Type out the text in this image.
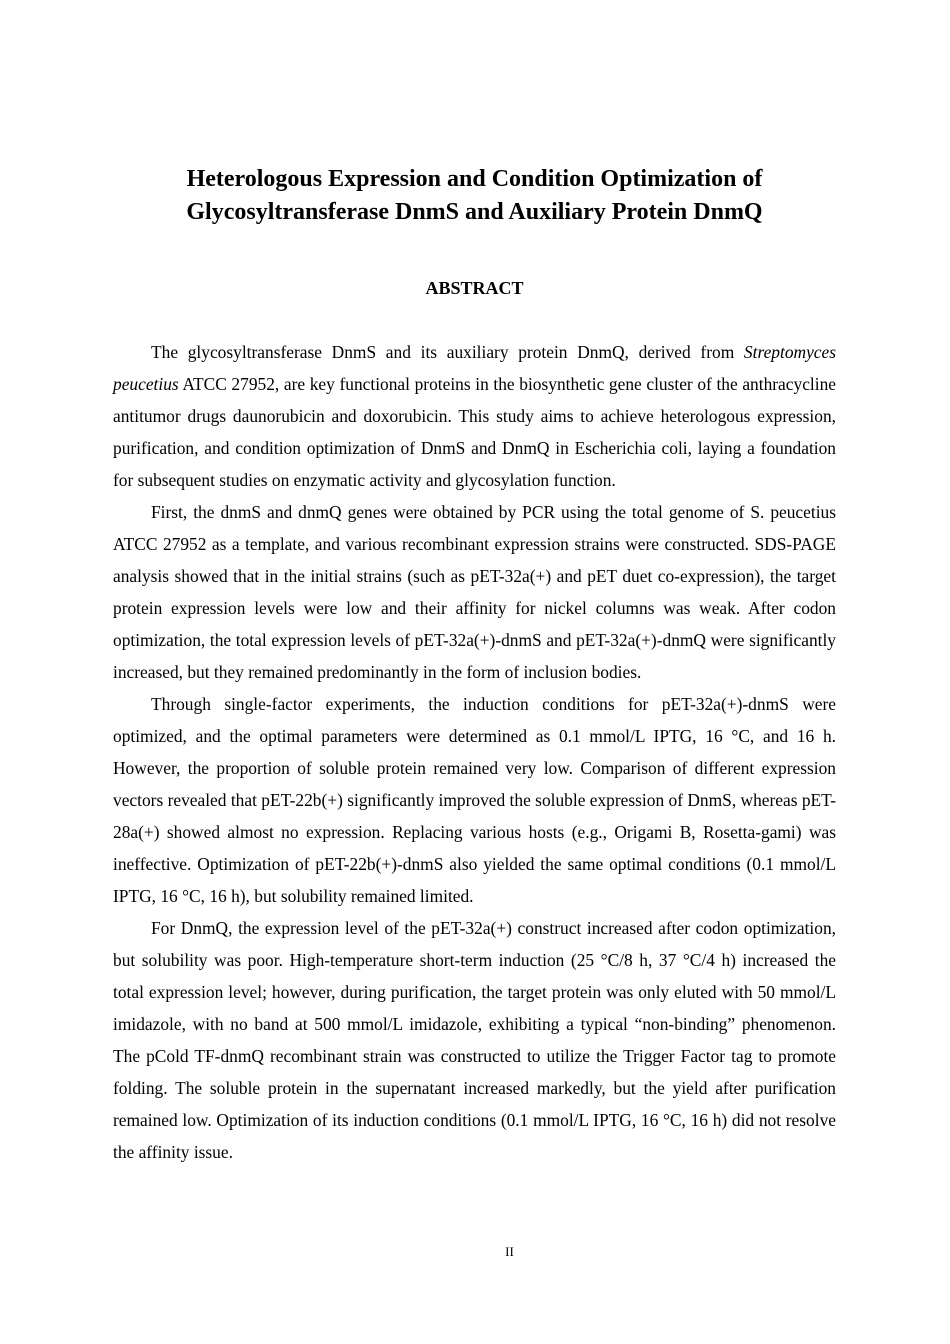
Heterologous Expression and Condition Optimization of
Glycosyltransferase DnmS and Auxiliary Protein DnmQ
ABSTRACT

The glycosyltransferase DnmS and its auxiliary protein DnmQ, derived from Streptomyces peucetius ATCC 27952, are key functional proteins in the biosynthetic gene cluster of the anthracycline antitumor drugs daunorubicin and doxorubicin. This study aims to achieve heterologous expression, purification, and condition optimization of DnmS and DnmQ in Escherichia coli, laying a foundation for subsequent studies on enzymatic activity and glycosylation function.

First, the dnmS and dnmQ genes were obtained by PCR using the total genome of S. peucetius ATCC 27952 as a template, and various recombinant expression strains were constructed. SDS-PAGE analysis showed that in the initial strains (such as pET-32a(+) and pET duet co-expression), the target protein expression levels were low and their affinity for nickel columns was weak. After codon optimization, the total expression levels of pET-32a(+)-dnmS and pET-32a(+)-dnmQ were significantly increased, but they remained predominantly in the form of inclusion bodies.

Through single-factor experiments, the induction conditions for pET-32a(+)-dnmS were optimized, and the optimal parameters were determined as 0.1 mmol/L IPTG, 16 °C, and 16 h. However, the proportion of soluble protein remained very low. Comparison of different expression vectors revealed that pET-22b(+) significantly improved the soluble expression of DnmS, whereas pET-28a(+) showed almost no expression. Replacing various hosts (e.g., Origami B, Rosetta-gami) was ineffective. Optimization of pET-22b(+)-dnmS also yielded the same optimal conditions (0.1 mmol/L IPTG, 16 °C, 16 h), but solubility remained limited.

For DnmQ, the expression level of the pET-32a(+) construct increased after codon optimization, but solubility was poor. High-temperature short-term induction (25 °C/8 h, 37 °C/4 h) increased the total expression level; however, during purification, the target protein was only eluted with 50 mmol/L imidazole, with no band at 500 mmol/L imidazole, exhibiting a typical “non-binding” phenomenon. The pCold TF-dnmQ recombinant strain was constructed to utilize the Trigger Factor tag to promote folding. The soluble protein in the supernatant increased markedly, but the yield after purification remained low. Optimization of its induction conditions (0.1 mmol/L IPTG, 16 °C, 16 h) did not resolve the affinity issue.

II
